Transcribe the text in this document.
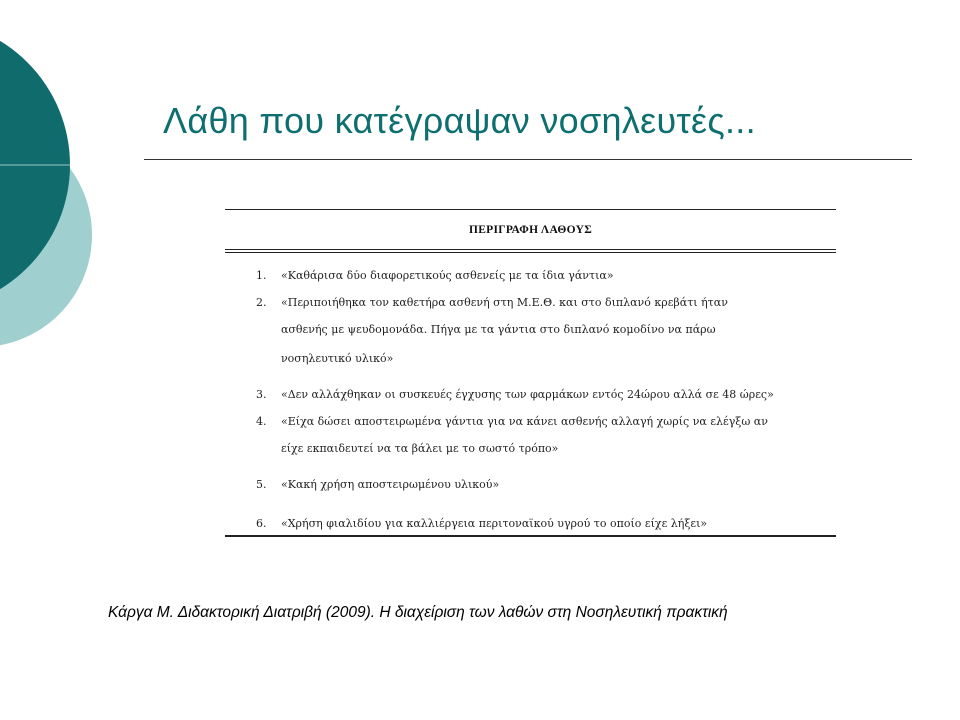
Λάθη που κατέγραψαν νοσηλευτές...
ΠΕΡΙΓΡΑΦΗ ΛΑΘΟΥΣ
1. «Καθάρισα δύο διαφορετικούς ασθενείς με τα ίδια γάντια»
2. «Περιποιήθηκα τον καθετήρα ασθενή στη Μ.Ε.Θ. και στο διπλανό κρεβάτι ήταν
ασθενής με ψευδομονάδα. Πήγα με τα γάντια στο διπλανό κομοδίνο να πάρω
νοσηλευτικό υλικό»
3. «Δεν αλλάχθηκαν οι συσκευές έγχυσης των φαρμάκων εντός 24ώρου αλλά σε 48 ώρες»
4. «Είχα δώσει αποστειρωμένα γάντια για να κάνει ασθενής αλλαγή χωρίς να ελέγξω αν
είχε εκπαιδευτεί να τα βάλει με το σωστό τρόπο»
5. «Κακή χρήση αποστειρωμένου υλικού»
6. «Χρήση φιαλιδίου για καλλιέργεια περιτοναϊκού υγρού το οποίο είχε λήξει»
Κάργα Μ. Διδακτορική Διατριβή (2009). Η διαχείριση των λαθών στη Νοσηλευτική πρακτική
